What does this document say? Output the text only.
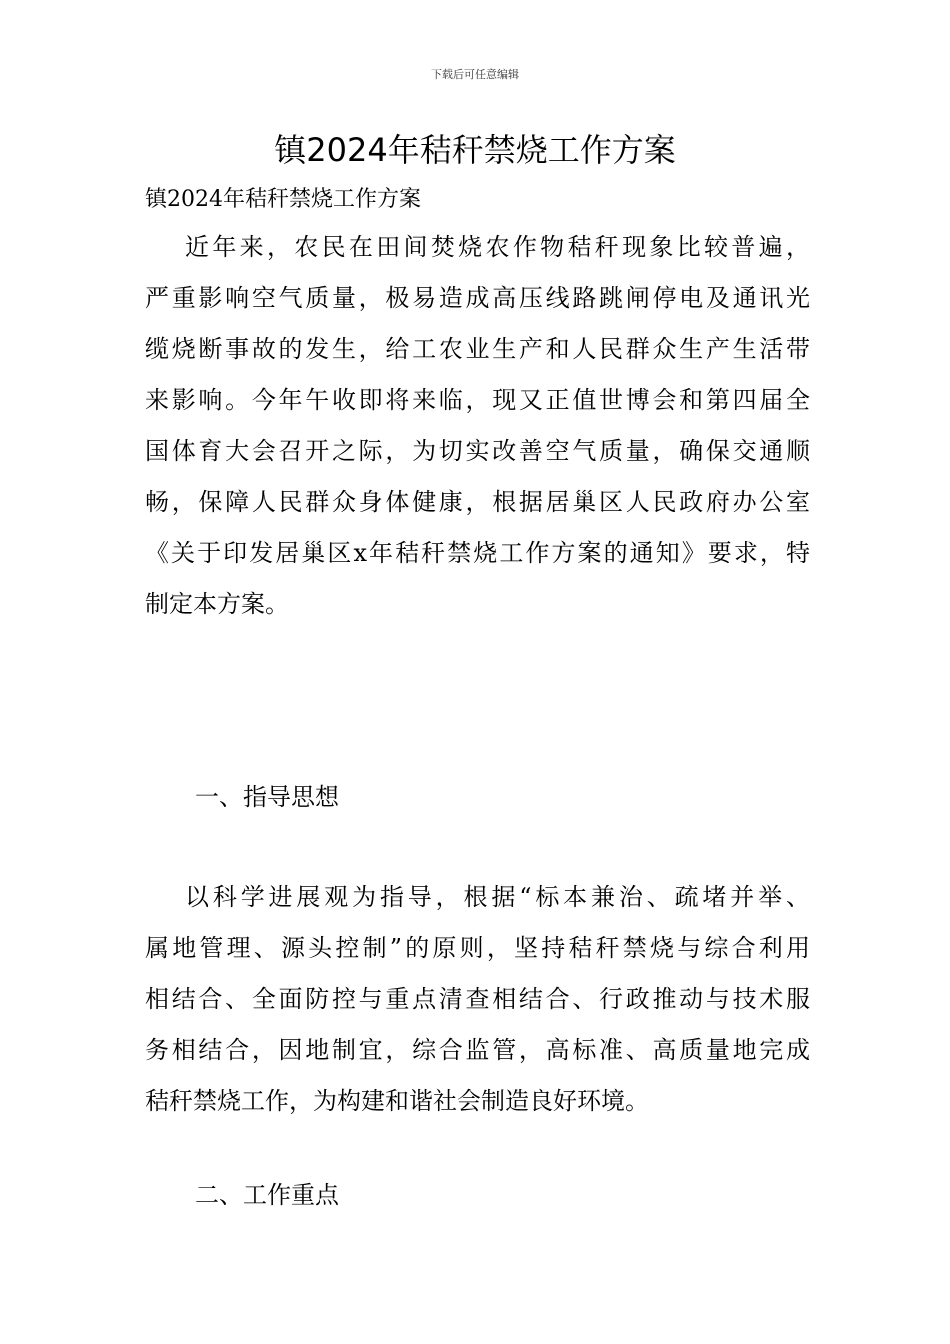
下载后可任意编辑
镇2024年秸秆禁烧工作方案
镇2024年秸秆禁烧工作方案
近年来，农民在田间焚烧农作物秸秆现象比较普遍，
严重影响空气质量，极易造成高压线路跳闸停电及通讯光
缆烧断事故的发生，给工农业生产和人民群众生产生活带
来影响。今年午收即将来临，现又正值世博会和第四届全
国体育大会召开之际，为切实改善空气质量，确保交通顺
畅，保障人民群众身体健康，根据居巢区人民政府办公室
《关于印发居巢区x年秸秆禁烧工作方案的通知》要求，特
制定本方案。
一、指导思想
以科学进展观为指导，根据“标本兼治、疏堵并举、
属地管理、源头控制”的原则，坚持秸秆禁烧与综合利用
相结合、全面防控与重点清查相结合、行政推动与技术服
务相结合，因地制宜，综合监管，高标准、高质量地完成
秸秆禁烧工作，为构建和谐社会制造良好环境。
二、工作重点
